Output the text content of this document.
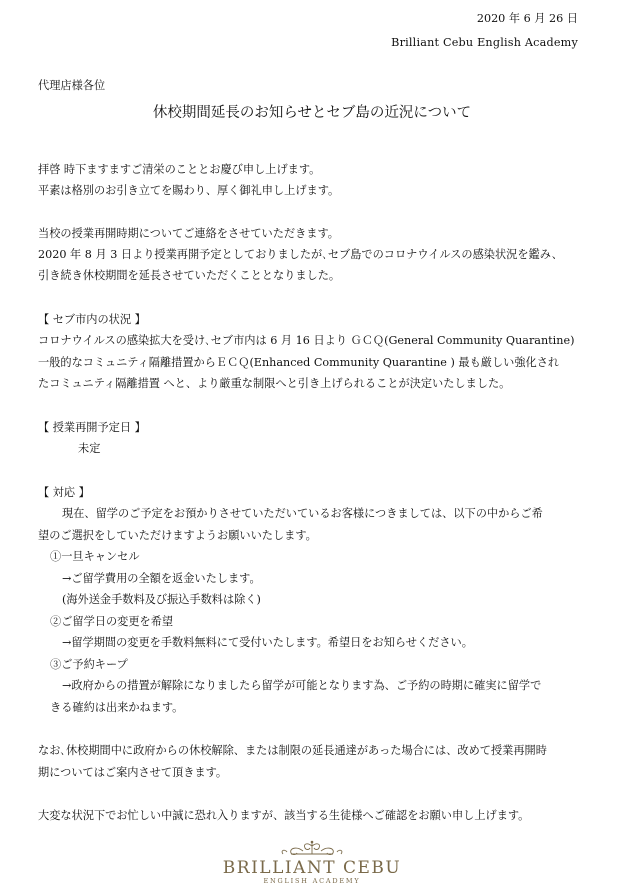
2020 年 6 月 26 日
Brilliant Cebu English Academy
代理店様各位
休校期間延長のお知らせとセブ島の近況について
拝啓 時下ますますご清栄のこととお慶び申し上げます。
平素は格別のお引き立てを賜わり、厚く御礼申し上げます。
当校の授業再開時期についてご連絡をさせていただきます。
2020 年 8 月 3 日より授業再開予定としておりましたが､セブ島でのコロナウイルスの感染状況を鑑み、
引き続き休校期間を延長させていただくこととなりました。
【 セブ市内の状況 】
コロナウイルスの感染拡大を受け､セブ市内は 6 月 16 日より ＧＣＱ(General Community Quarantine)
一般的なコミュニティ隔離措置からＥＣＱ(Enhanced Community Quarantine ) 最も厳しい強化され
たコミュニティ隔離措置 へと、より厳重な制限へと引き上げられることが決定いたしました。
【 授業再開予定日 】
未定
【 対応 】
現在、留学のご予定をお預かりさせていただいているお客様につきましては、以下の中からご希
望のご選択をしていただけますようお願いいたします。
①一旦キャンセル
→ご留学費用の全額を返金いたします。
(海外送金手数料及び振込手数料は除く)
②ご留学日の変更を希望
→留学期間の変更を手数料無料にて受付いたします。希望日をお知らせください。
③ご予約キープ
→政府からの措置が解除になりましたら留学が可能となります為、ご予約の時期に確実に留学で
きる確約は出来かねます。
なお､休校期間中に政府からの休校解除、または制限の延長通達があった場合には、改めて授業再開時
期についてはご案内させて頂きます。
大変な状況下でお忙しい中誠に恐れ入りますが、該当する生徒様へご確認をお願い申し上げます。
BRILLIANT CEBU
ENGLISH ACADEMY
